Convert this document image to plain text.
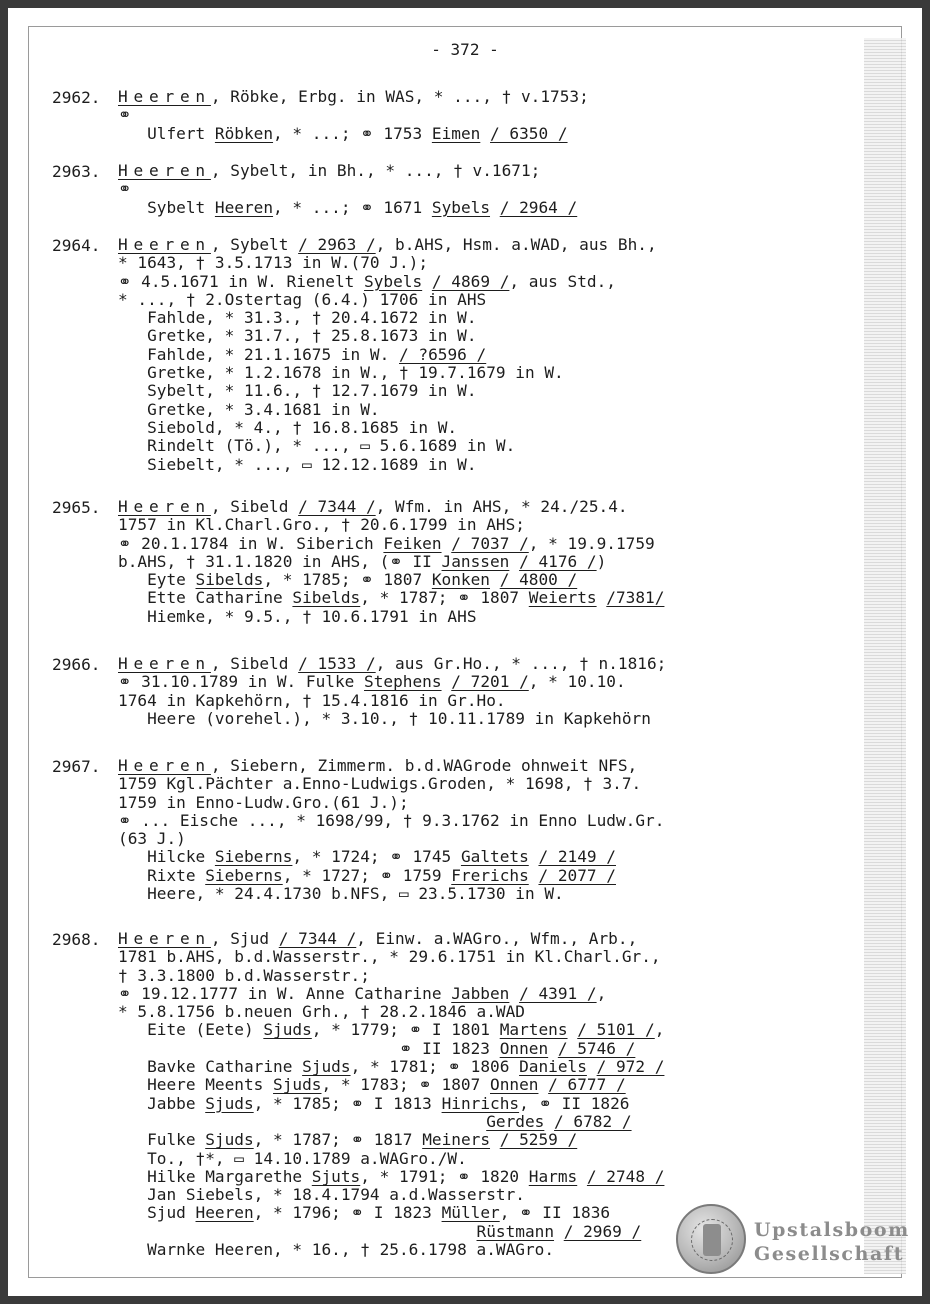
- 372 -
2962.	Heeren, Röbke, Erbg. in WAS, * ..., † v.1753;
⚭
Ulfert Röbken, * ...; ⚭ 1753 Eimen / 6350 /
2963.	Heeren, Sybelt, in Bh., * ..., † v.1671;
⚭
Sybelt Heeren, * ...; ⚭ 1671 Sybels / 2964 /
2964.	Heeren, Sybelt / 2963 /, b.AHS, Hsm. a.WAD, aus Bh.,
* 1643, † 3.5.1713 in W.(70 J.);
⚭ 4.5.1671 in W. Rienelt Sybels / 4869 /, aus Std.,
* ..., † 2.Ostertag (6.4.) 1706 in AHS
Fahlde, * 31.3., † 20.4.1672 in W.
Gretke, * 31.7., † 25.8.1673 in W.
Fahlde, * 21.1.1675 in W. / ?6596 /
Gretke, * 1.2.1678 in W., † 19.7.1679 in W.
Sybelt, * 11.6., † 12.7.1679 in W.
Gretke, * 3.4.1681 in W.
Siebold, * 4., † 16.8.1685 in W.
Rindelt (Tö.), * ..., ▭ 5.6.1689 in W.
Siebelt, * ..., ▭ 12.12.1689 in W.
2965.	Heeren, Sibeld / 7344 /, Wfm. in AHS, * 24./25.4.
1757 in Kl.Charl.Gro., † 20.6.1799 in AHS;
⚭ 20.1.1784 in W. Siberich Feiken / 7037 /, * 19.9.1759
b.AHS, † 31.1.1820 in AHS, (⚭ II Janssen / 4176 /)
Eyte Sibelds, * 1785; ⚭ 1807 Konken / 4800 /
Ette Catharine Sibelds, * 1787; ⚭ 1807 Weierts /7381/
Hiemke, * 9.5., † 10.6.1791 in AHS
2966.	Heeren, Sibeld / 1533 /, aus Gr.Ho., * ..., † n.1816;
⚭ 31.10.1789 in W. Fulke Stephens / 7201 /, * 10.10.
1764 in Kapkehörn, † 15.4.1816 in Gr.Ho.
Heere (vorehel.), * 3.10., † 10.11.1789 in Kapkehörn
2967.	Heeren, Siebern, Zimmerm. b.d.WAGrode ohnweit NFS,
1759 Kgl.Pächter a.Enno-Ludwigs.Groden, * 1698, † 3.7.
1759 in Enno-Ludw.Gro.(61 J.);
⚭ ... Eische ..., * 1698/99, † 9.3.1762 in Enno Ludw.Gr.
(63 J.)
Hilcke Sieberns, * 1724; ⚭ 1745 Galtets / 2149 /
Rixte Sieberns, * 1727; ⚭ 1759 Frerichs / 2077 /
Heere, * 24.4.1730 b.NFS, ▭ 23.5.1730 in W.
2968.	Heeren, Sjud / 7344 /, Einw. a.WAGro., Wfm., Arb.,
1781 b.AHS, b.d.Wasserstr., * 29.6.1751 in Kl.Charl.Gr.,
† 3.3.1800 b.d.Wasserstr.;
⚭ 19.12.1777 in W. Anne Catharine Jabben / 4391 /,
* 5.8.1756 b.neuen Grh., † 28.2.1846 a.WAD
Eite (Eete) Sjuds, * 1779; ⚭ I 1801 Martens / 5101 /,
⚭ II 1823 Onnen / 5746 /
Bavke Catharine Sjuds, * 1781; ⚭ 1806 Daniels / 972 /
Heere Meents Sjuds, * 1783; ⚭ 1807 Onnen / 6777 /
Jabbe Sjuds, * 1785; ⚭ I 1813 Hinrichs, ⚭ II 1826
Gerdes / 6782 /
Fulke Sjuds, * 1787; ⚭ 1817 Meiners / 5259 /
To., †*, ▭ 14.10.1789 a.WAGro./W.
Hilke Margarethe Sjuts, * 1791; ⚭ 1820 Harms / 2748 /
Jan Siebels, * 18.4.1794 a.d.Wasserstr.
Sjud Heeren, * 1796; ⚭ I 1823 Müller, ⚭ II 1836
Rüstmann / 2969 /
Warnke Heeren, * 16., † 25.6.1798 a.WAGro.
Upstalsboom
Gesellschaft
